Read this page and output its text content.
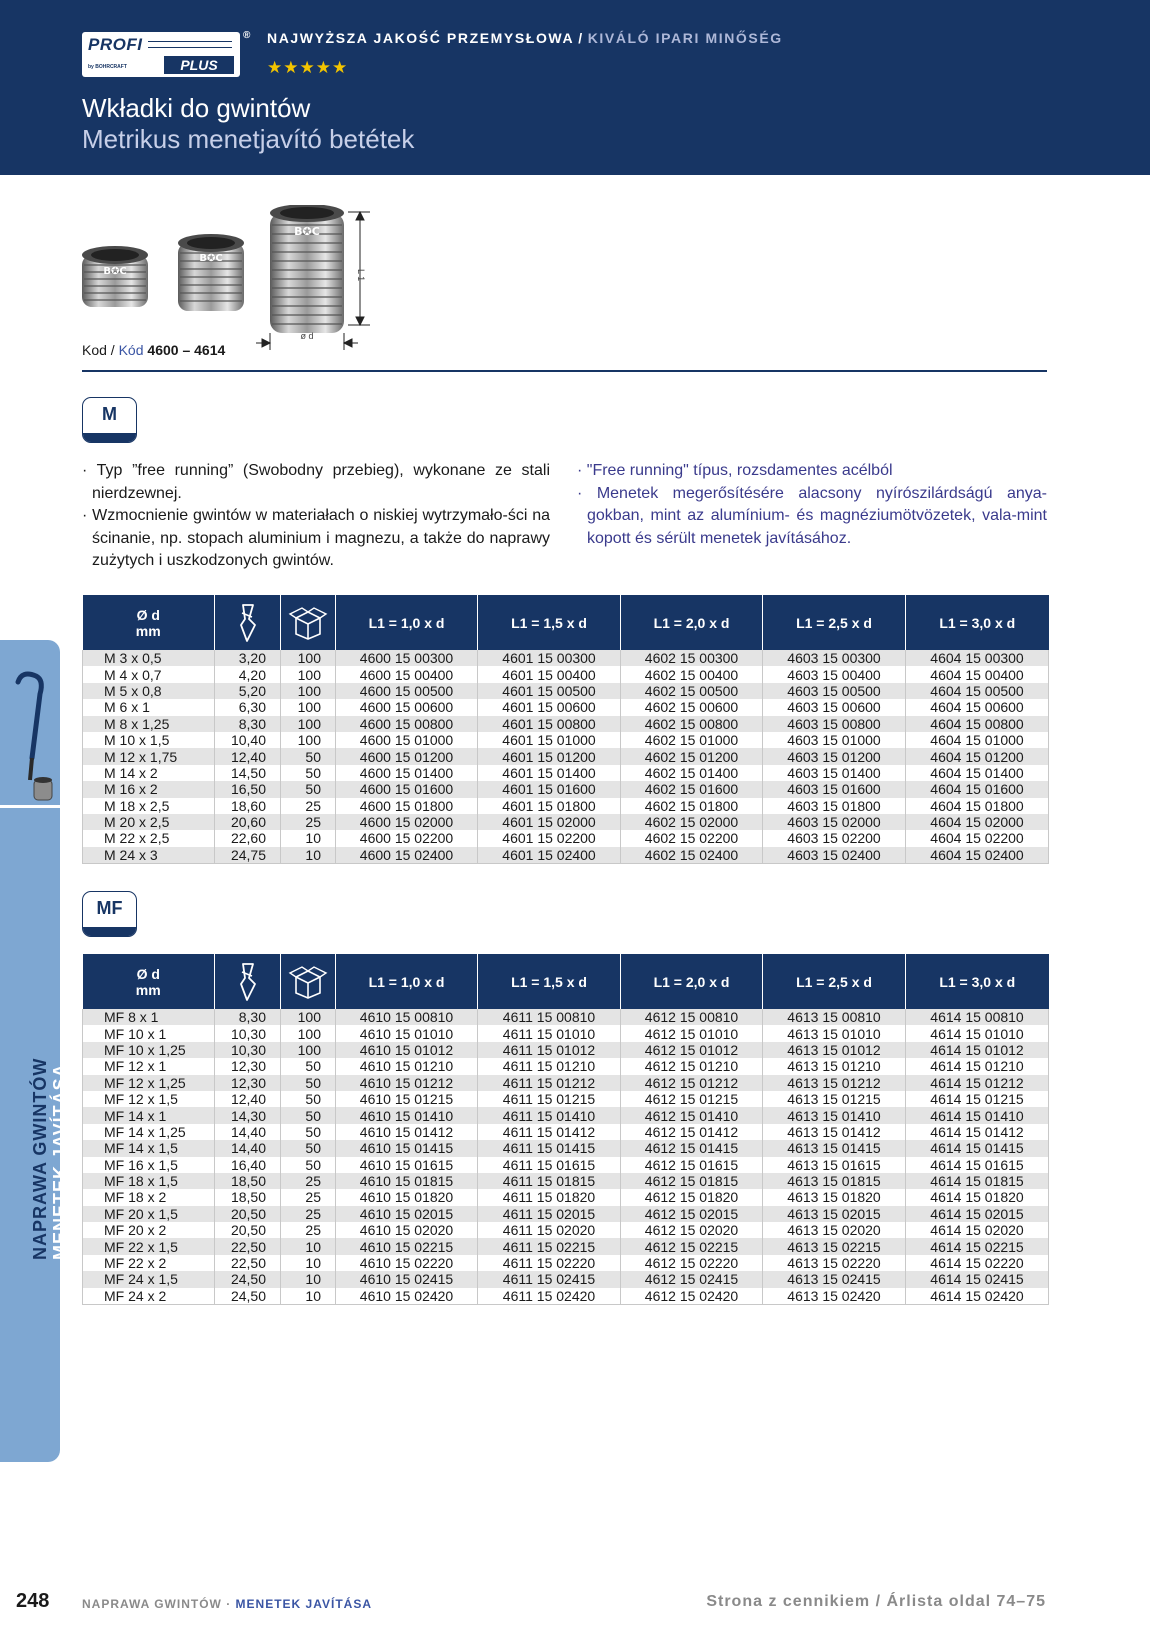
PROFI
by BOHRCRAFT	PLUS
® NAJWYŻSZA JAKOŚĆ PRZEMYSŁOWA / KIVÁLÓ IPARI MINŐSÉG
★★★★★
Wkładki do gwintów
Metrikus menetjavító betétek
B✪C
B✪C
B✪C
L 1
ø d
Kod / Kód 4600 – 4614
M

· Typ ”free running” (Swobodny przebieg), wykonane ze stali nierdzewnej.

· Wzmocnienie gwintów w materiałach o niskiej wytrzymało-ści na ścinanie, np. stopach aluminium i magnezu, a także do naprawy zużytych i uszkodzonych gwintów.

· "Free running" típus, rozsdamentes acélból

· Menetek megerősítésére alacsony nyírószilárdságú anya-gokban, mint az alumínium- és magnéziumötvözetek, vala-mint kopott és sérült menetek javításához.

Ø d
mm			L1 = 1,0 x d	L1 = 1,5 x d	L1 = 2,0 x d	L1 = 2,5 x d	L1 = 3,0 x d
M 3 x 0,5	3,20	100	4600 15 00300	4601 15 00300	4602 15 00300	4603 15 00300	4604 15 00300
M 4 x 0,7	4,20	100	4600 15 00400	4601 15 00400	4602 15 00400	4603 15 00400	4604 15 00400
M 5 x 0,8	5,20	100	4600 15 00500	4601 15 00500	4602 15 00500	4603 15 00500	4604 15 00500
M 6 x 1	6,30	100	4600 15 00600	4601 15 00600	4602 15 00600	4603 15 00600	4604 15 00600
M 8 x 1,25	8,30	100	4600 15 00800	4601 15 00800	4602 15 00800	4603 15 00800	4604 15 00800
M 10 x 1,5	10,40	100	4600 15 01000	4601 15 01000	4602 15 01000	4603 15 01000	4604 15 01000
M 12 x 1,75	12,40	50	4600 15 01200	4601 15 01200	4602 15 01200	4603 15 01200	4604 15 01200
M 14 x 2	14,50	50	4600 15 01400	4601 15 01400	4602 15 01400	4603 15 01400	4604 15 01400
M 16 x 2	16,50	50	4600 15 01600	4601 15 01600	4602 15 01600	4603 15 01600	4604 15 01600
M 18 x 2,5	18,60	25	4600 15 01800	4601 15 01800	4602 15 01800	4603 15 01800	4604 15 01800
M 20 x 2,5	20,60	25	4600 15 02000	4601 15 02000	4602 15 02000	4603 15 02000	4604 15 02000
M 22 x 2,5	22,60	10	4600 15 02200	4601 15 02200	4602 15 02200	4603 15 02200	4604 15 02200
M 24 x 3	24,75	10	4600 15 02400	4601 15 02400	4602 15 02400	4603 15 02400	4604 15 02400
MF
Ø d
mm			L1 = 1,0 x d	L1 = 1,5 x d	L1 = 2,0 x d	L1 = 2,5 x d	L1 = 3,0 x d
MF 8 x 1	8,30	100	4610 15 00810	4611 15 00810	4612 15 00810	4613 15 00810	4614 15 00810
MF 10 x 1	10,30	100	4610 15 01010	4611 15 01010	4612 15 01010	4613 15 01010	4614 15 01010
MF 10 x 1,25	10,30	100	4610 15 01012	4611 15 01012	4612 15 01012	4613 15 01012	4614 15 01012
MF 12 x 1	12,30	50	4610 15 01210	4611 15 01210	4612 15 01210	4613 15 01210	4614 15 01210
MF 12 x 1,25	12,30	50	4610 15 01212	4611 15 01212	4612 15 01212	4613 15 01212	4614 15 01212
MF 12 x 1,5	12,40	50	4610 15 01215	4611 15 01215	4612 15 01215	4613 15 01215	4614 15 01215
MF 14 x 1	14,30	50	4610 15 01410	4611 15 01410	4612 15 01410	4613 15 01410	4614 15 01410
MF 14 x 1,25	14,40	50	4610 15 01412	4611 15 01412	4612 15 01412	4613 15 01412	4614 15 01412
MF 14 x 1,5	14,40	50	4610 15 01415	4611 15 01415	4612 15 01415	4613 15 01415	4614 15 01415
MF 16 x 1,5	16,40	50	4610 15 01615	4611 15 01615	4612 15 01615	4613 15 01615	4614 15 01615
MF 18 x 1,5	18,50	25	4610 15 01815	4611 15 01815	4612 15 01815	4613 15 01815	4614 15 01815
MF 18 x 2	18,50	25	4610 15 01820	4611 15 01820	4612 15 01820	4613 15 01820	4614 15 01820
MF 20 x 1,5	20,50	25	4610 15 02015	4611 15 02015	4612 15 02015	4613 15 02015	4614 15 02015
MF 20 x 2	20,50	25	4610 15 02020	4611 15 02020	4612 15 02020	4613 15 02020	4614 15 02020
MF 22 x 1,5	22,50	10	4610 15 02215	4611 15 02215	4612 15 02215	4613 15 02215	4614 15 02215
MF 22 x 2	22,50	10	4610 15 02220	4611 15 02220	4612 15 02220	4613 15 02220	4614 15 02220
MF 24 x 1,5	24,50	10	4610 15 02415	4611 15 02415	4612 15 02415	4613 15 02415	4614 15 02415
MF 24 x 2	24,50	10	4610 15 02420	4611 15 02420	4612 15 02420	4613 15 02420	4614 15 02420
NAPRAWA GWINTÓW MENETEK JAVÍTÁSA
248	NAPRAWA GWINTÓW · MENETEK JAVÍTÁSA	Strona z cennikiem / Árlista oldal 74–75
